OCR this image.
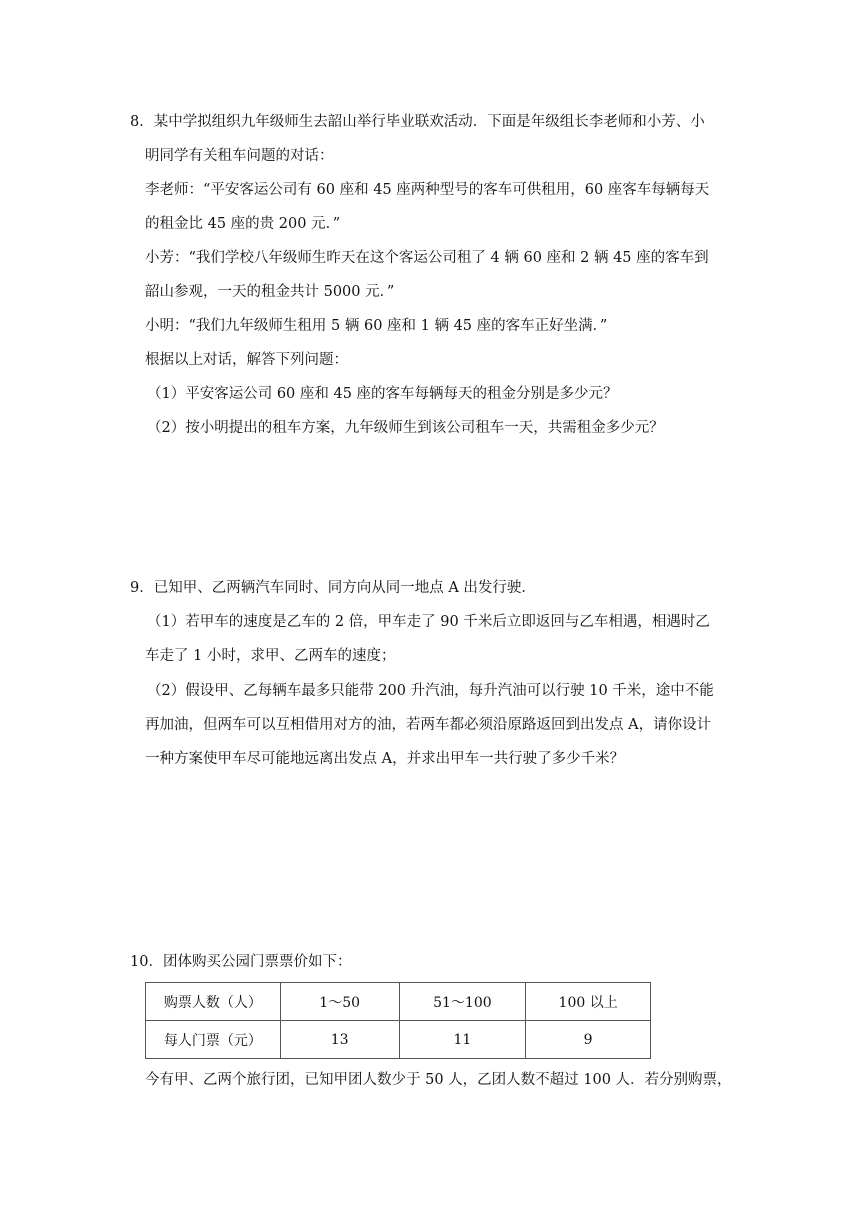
8．某中学拟组织九年级师生去韶山举行毕业联欢活动．下面是年级组长李老师和小芳、小
明同学有关租车问题的对话：
李老师：“平安客运公司有 60 座和 45 座两种型号的客车可供租用，60 座客车每辆每天
的租金比 45 座的贵 200 元．”
小芳：“我们学校八年级师生昨天在这个客运公司租了 4 辆 60 座和 2 辆 45 座的客车到
韶山参观，一天的租金共计 5000 元．”
小明：“我们九年级师生租用 5 辆 60 座和 1 辆 45 座的客车正好坐满．”
根据以上对话，解答下列问题：
（1）平安客运公司 60 座和 45 座的客车每辆每天的租金分别是多少元？
（2）按小明提出的租车方案，九年级师生到该公司租车一天，共需租金多少元？
9．已知甲、乙两辆汽车同时、同方向从同一地点 A 出发行驶．
（1）若甲车的速度是乙车的 2 倍，甲车走了 90 千米后立即返回与乙车相遇，相遇时乙
车走了 1 小时，求甲、乙两车的速度；
（2）假设甲、乙每辆车最多只能带 200 升汽油，每升汽油可以行驶 10 千米，途中不能
再加油，但两车可以互相借用对方的油，若两车都必须沿原路返回到出发点 A，请你设计
一种方案使甲车尽可能地远离出发点 A，并求出甲车一共行驶了多少千米？
10．团体购买公园门票票价如下：
购票人数（人）	1～50	51～100	100 以上
每人门票（元）	13	11	9
今有甲、乙两个旅行团，已知甲团人数少于 50 人，乙团人数不超过 100 人．若分别购票，
